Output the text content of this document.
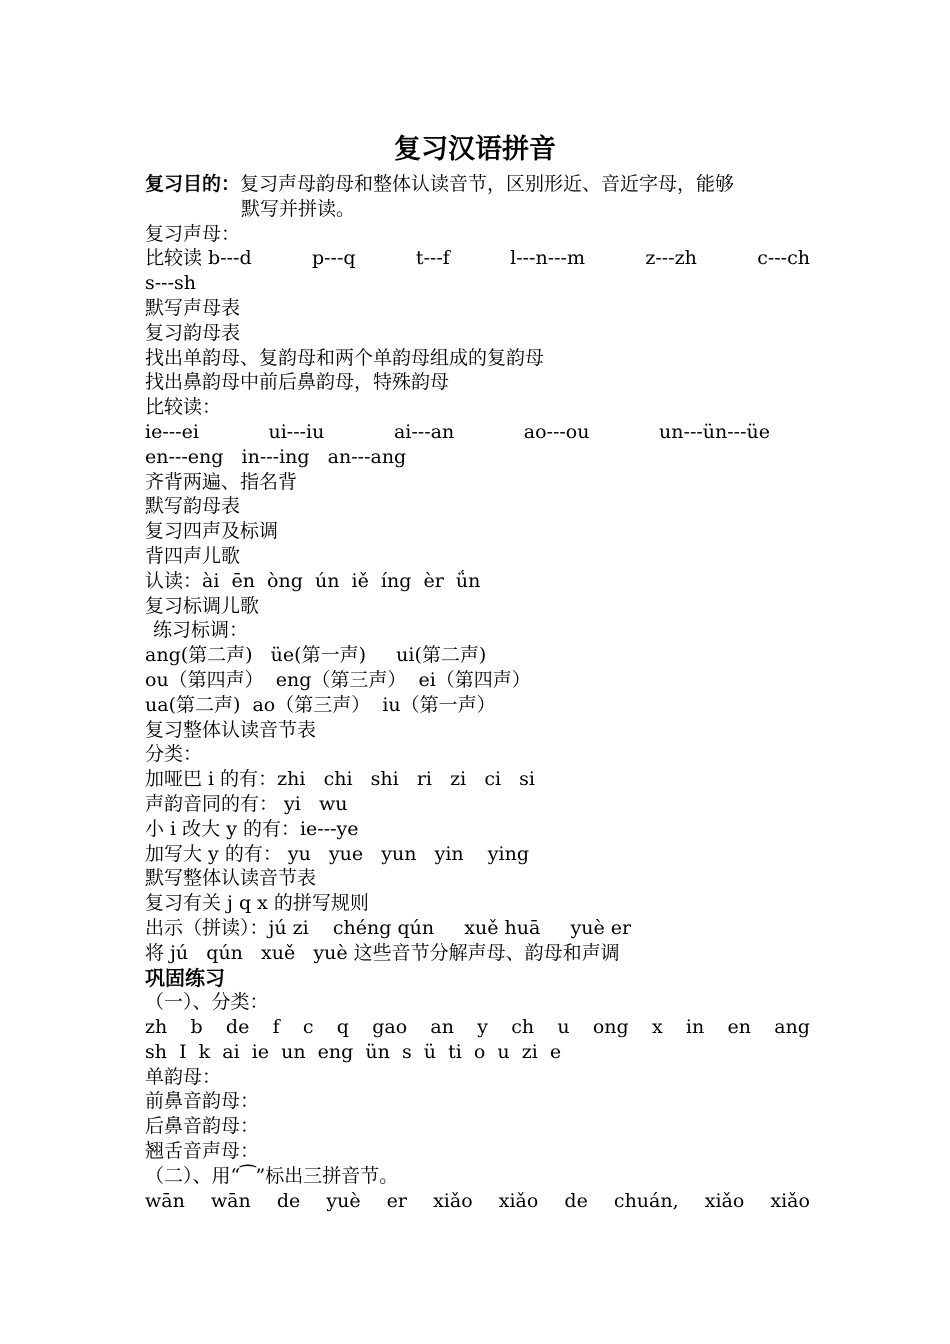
复习汉语拼音
复习目的：复习声母韵母和整体认读音节，区别形近、音近字母，能够
默写并拼读。
复习声母：
比较读 b---d	p---q	t---f	l---n---m	z---zh	c---ch
s---sh
默写声母表
复习韵母表
找出单韵母、复韵母和两个单韵母组成的复韵母
找出鼻韵母中前后鼻韵母，特殊韵母
比较读：
ie---ei	ui---iu	ai---an	ao---ou	un---ün---üe
en---eng   in---ing   an---ang
齐背两遍、指名背
默写韵母表
复习四声及标调
背四声儿歌
认读：ài  ēn  òng  ún  iě  íng  èr  ǘn
复习标调儿歌
练习标调：
ang(第二声)   üe(第一声)     ui(第二声)
ou（第四声）  eng（第三声）  ei（第四声）
ua(第二声)  ao（第三声）  iu（第一声）
复习整体认读音节表
分类：
加哑巴 i 的有：zhi   chi   shi   ri   zi   ci   si
声韵音同的有： yi   wu
小 i 改大 y 的有：ie---ye
加写大 y 的有： yu   yue   yun   yin    ying
默写整体认读音节表
复习有关 j q x 的拼写规则
出示（拼读）：jú zi    chéng qún     xuě huā     yuè er
将 jú   qún   xuě   yuè 这些音节分解声母、韵母和声调
巩固练习
（一）、分类：
zh b de f c q gao an y ch u ong x in en ang
sh  I  k  ai  ie  un  eng  ün  s  ü  ti  o  u  zi  e
单韵母：
前鼻音韵母：
后鼻音韵母：
翘舌音声母：
（二）、用“⁀”标出三拼音节。
wān wān de yuè er xiǎo xiǎo de chuán, xiǎo xiǎo
